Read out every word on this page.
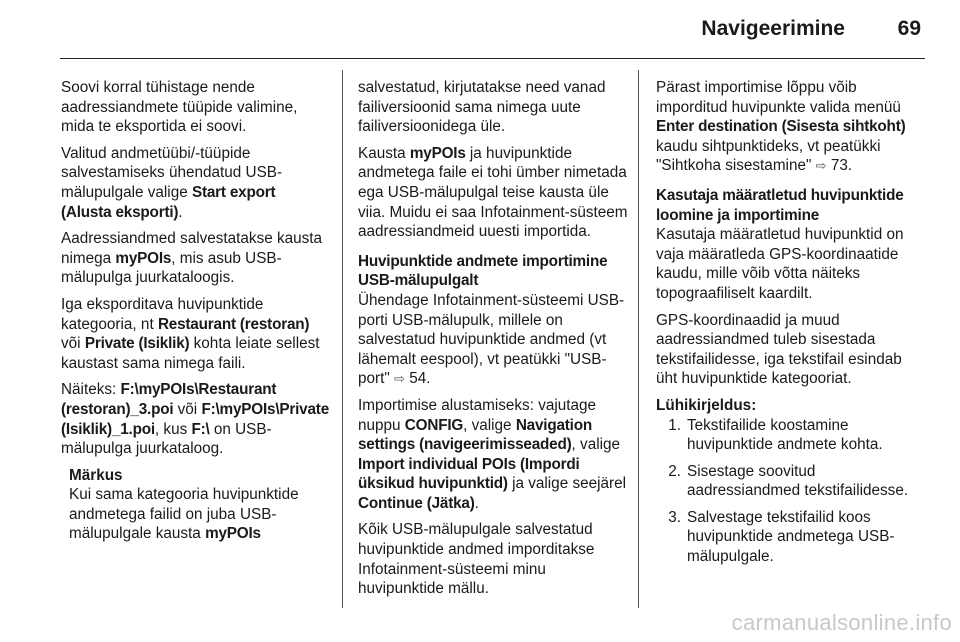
Navigeerimine	69

Soovi korral tühistage nende aadressiandmete tüüpide valimine, mida te eksportida ei soovi.

Valitud andmetüübi/-tüüpide salvestamiseks ühendatud USB-mälupulgale valige Start export (Alusta eksporti).

Aadressiandmed salvestatakse kausta nimega myPOIs, mis asub USB-mälupulga juurkataloogis.

Iga eksporditava huvipunktide kategooria, nt Restaurant (restoran) või Private (Isiklik) kohta leiate sellest kaustast sama nimega faili.

Näiteks: F:\myPOIs\Restaurant (restoran)_3.poi või F:\myPOIs\Private (Isiklik)_1.poi, kus F:\ on USB-mälupulga juurkataloog.

Märkus

Kui sama kategooria huvipunktide andmetega failid on juba USB-mälupulgale kausta myPOIs

salvestatud, kirjutatakse need vanad failiversioonid sama nimega uute failiversioonidega üle.

Kausta myPOIs ja huvipunktide andmetega faile ei tohi ümber nimetada ega USB-mälupulgal teise kausta üle viia. Muidu ei saa Infotainment-süsteem aadressiandmeid uuesti importida.

Huvipunktide andmete importimine USB-mälupulgalt

Ühendage Infotainment-süsteemi USB-porti USB-mälupulk, millele on salvestatud huvipunktide andmed (vt lähemalt eespool), vt peatükki "USB-port" ⇨ 54.

Importimise alustamiseks: vajutage nuppu CONFIG, valige Navigation settings (navigeerimisseaded), valige Import individual POIs (Impordi üksikud huvipunktid) ja valige seejärel Continue (Jätka).

Kõik USB-mälupulgale salvestatud huvipunktide andmed imporditakse Infotainment-süsteemi minu huvipunktide mällu.

Pärast importimise lõppu võib imporditud huvipunkte valida menüü Enter destination (Sisesta sihtkoht) kaudu sihtpunktideks, vt peatükki "Sihtkoha sisestamine" ⇨ 73.

Kasutaja määratletud huvipunktide loomine ja importimine

Kasutaja määratletud huvipunktid on vaja määratleda GPS-koordinaatide kaudu, mille võib võtta näiteks topograafiliselt kaardilt.

GPS-koordinaadid ja muud aadressiandmed tuleb sisestada tekstifailidesse, iga tekstifail esindab üht huvipunktide kategooriat.

Lühikirjeldus:

1. Tekstifailide koostamine huvipunktide andmete kohta.
2. Sisestage soovitud aadressiandmed tekstifailidesse.
3. Salvestage tekstifailid koos huvipunktide andmetega USB-mälupulgale.
carmanualsonline.info
